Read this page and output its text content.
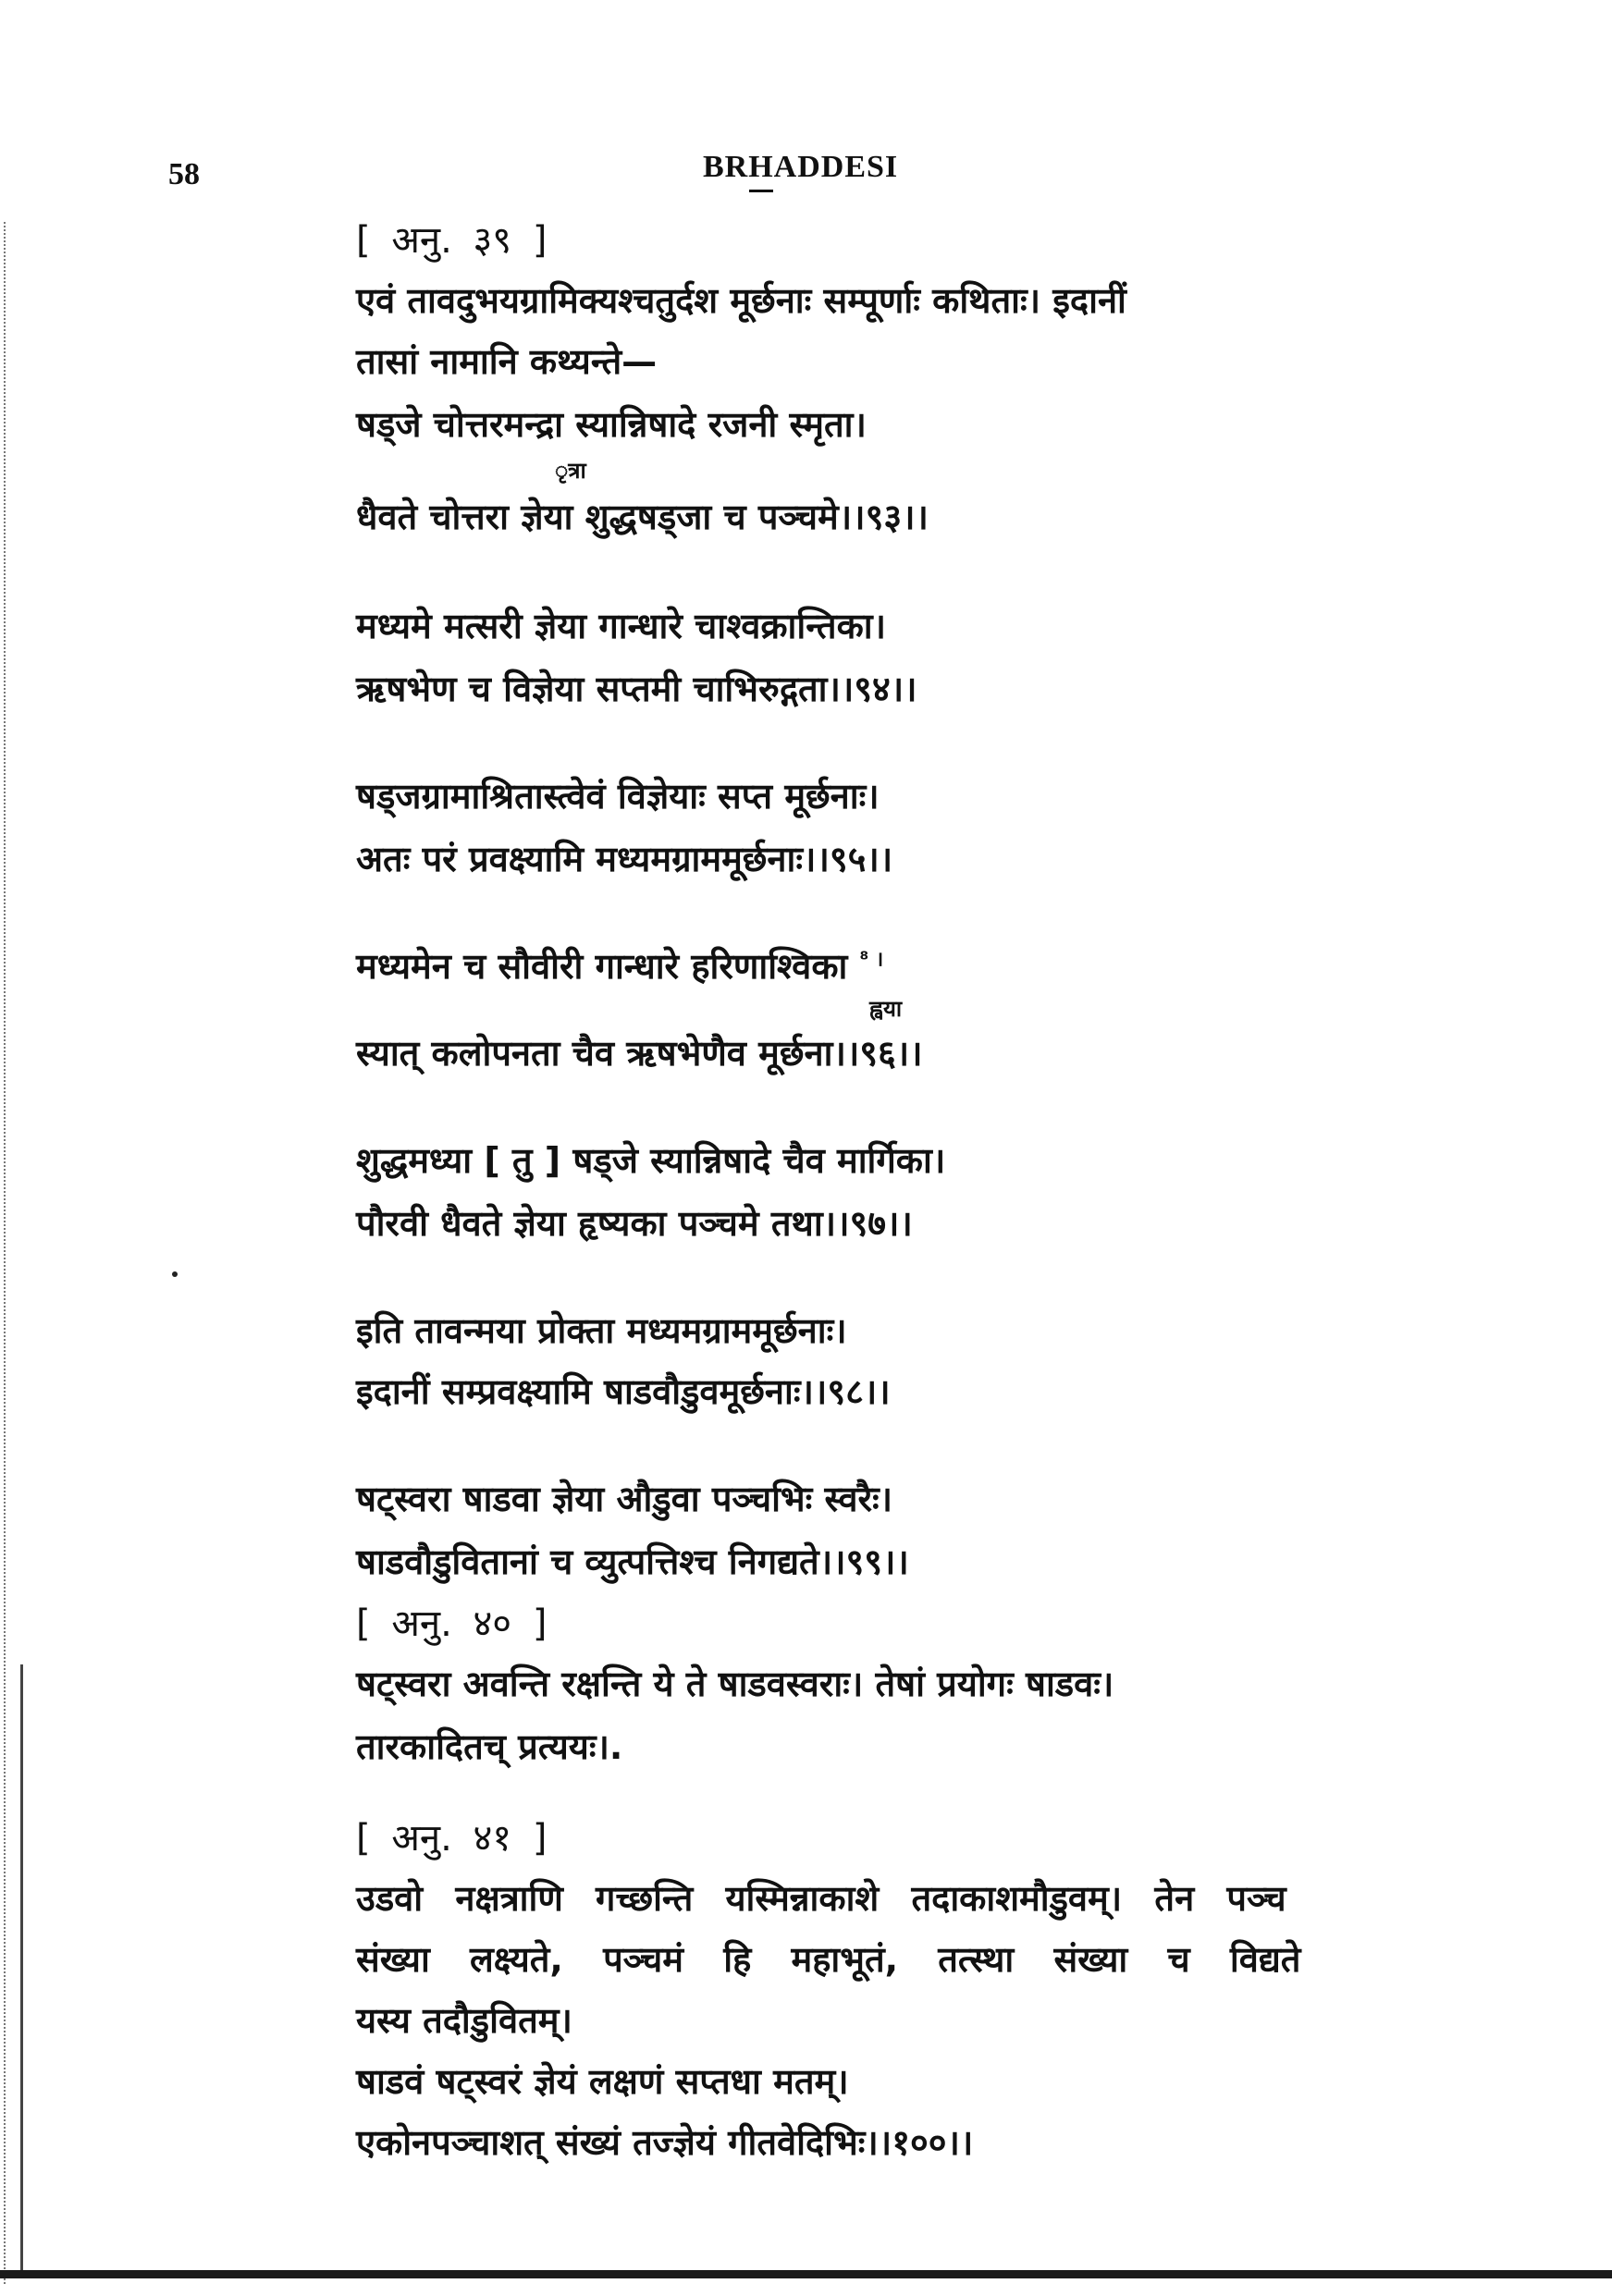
58	BRHADDESI
[ अनु. ३९ ]
एवं तावदुभयग्रामिक्यश्चतुर्दश मूर्छनाः सम्पूर्णाः कथिताः। इदानीं
तासां नामानि कथ्यन्ते—
षड्जे चोत्तरमन्द्रा स्यान्निषादे रजनी स्मृता।
ृत्रा
धैवते चोत्तरा ज्ञेया शुद्धषड्जा च पञ्चमे।।९३।।
मध्यमे मत्सरी ज्ञेया गान्धारे चाश्वक्रान्तिका।
ऋषभेण च विज्ञेया सप्तमी चाभिरुद्गता।।९४।।
षड्जग्रामाश्रितास्त्वेवं विज्ञेयाः सप्त मूर्छनाः।
अतः परं प्रवक्ष्यामि मध्यमग्राममूर्छनाः।।९५।।
मध्यमेन च सौवीरी गान्धारे हरिणाश्विका $^{^8 ।}$
ह्वया
स्यात् कलोपनता चैव ऋषभेणैव मूर्छना।।९६।।
शुद्धमध्या [ तु ] षड्जे स्यान्निषादे चैव मार्गिका।
पौरवी धैवते ज्ञेया हृष्यका पञ्चमे तथा।।९७।।
इति तावन्मया प्रोक्ता मध्यमग्राममूर्छनाः।
इदानीं सम्प्रवक्ष्यामि षाडवौडुवमूर्छनाः।।९८।।
षट्स्वरा षाडवा ज्ञेया औडुवा पञ्चभिः स्वरैः।
षाडवौडुवितानां च व्युत्पत्तिश्च निगद्यते।।९९।।
[ अनु. ४० ]
षट्स्वरा अवन्ति रक्षन्ति ये ते षाडवस्वराः। तेषां प्रयोगः षाडवः।
तारकादितच् प्रत्ययः।.
[ अनु. ४१ ]
उडवो नक्षत्राणि गच्छन्ति यस्मिन्नाकाशे तदाकाशमौडुवम्। तेन पञ्च
संख्या लक्ष्यते, पञ्चमं हि महाभूतं, तत्स्था संख्या च विद्यते
यस्य तदौडुवितम्।
षाडवं षट्स्वरं ज्ञेयं लक्षणं सप्तधा मतम्।
एकोनपञ्चाशत् संख्यं तज्ज्ञेयं गीतवेदिभिः।।१००।।
